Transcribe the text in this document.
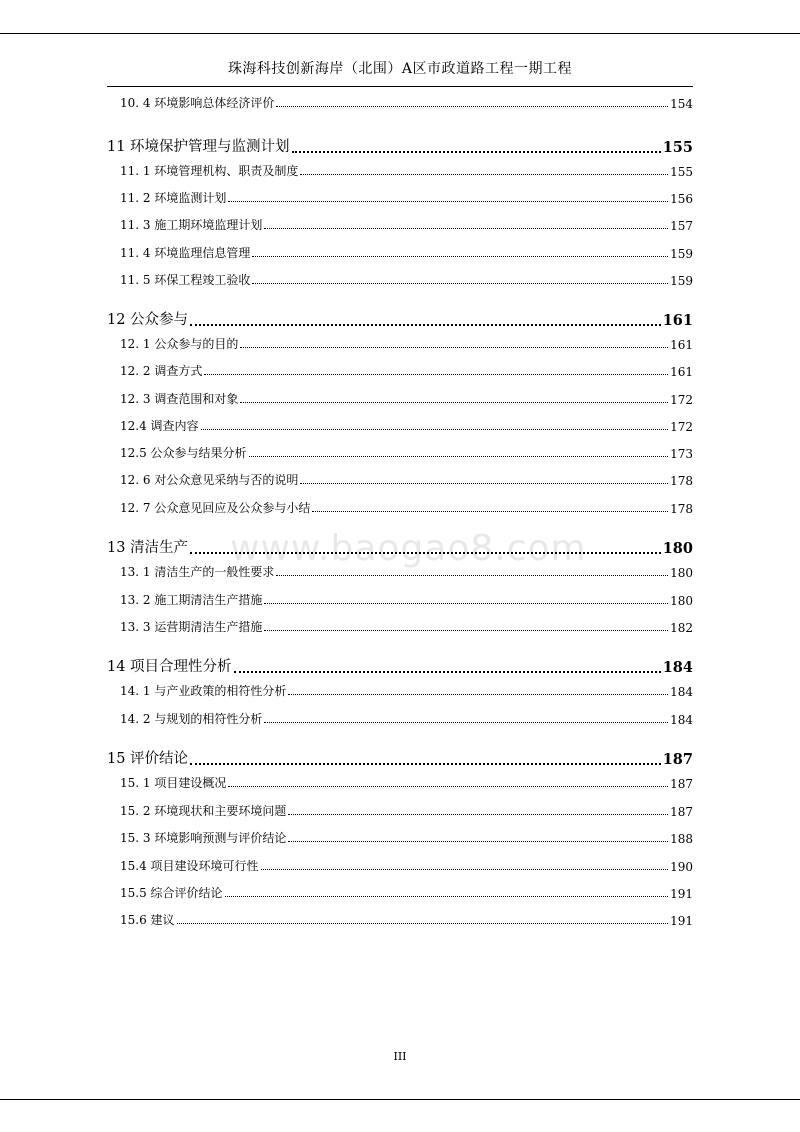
珠海科技创新海岸（北围）A区市政道路工程一期工程
www.baogao8.com
10. 4 环境影响总体经济评价	154
11 环境保护管理与监测计划	155
11. 1 环境管理机构、职责及制度	155
11. 2 环境监测计划	156
11. 3 施工期环境监理计划	157
11. 4 环境监理信息管理	159
11. 5 环保工程竣工验收	159
12 公众参与	161
12. 1 公众参与的目的	161
12. 2 调查方式	161
12. 3 调查范围和对象	172
12.4 调查内容	172
12.5 公众参与结果分析	173
12. 6 对公众意见采纳与否的说明	178
12. 7 公众意见回应及公众参与小结	178
13 清洁生产	180
13. 1 清洁生产的一般性要求	180
13. 2 施工期清洁生产措施	180
13. 3 运营期清洁生产措施	182
14 项目合理性分析	184
14. 1 与产业政策的相符性分析	184
14. 2 与规划的相符性分析	184
15 评价结论	187
15. 1 项目建设概况	187
15. 2 环境现状和主要环境问题	187
15. 3 环境影响预测与评价结论	188
15.4 项目建设环境可行性	190
15.5 综合评价结论	191
15.6 建议	191
III
